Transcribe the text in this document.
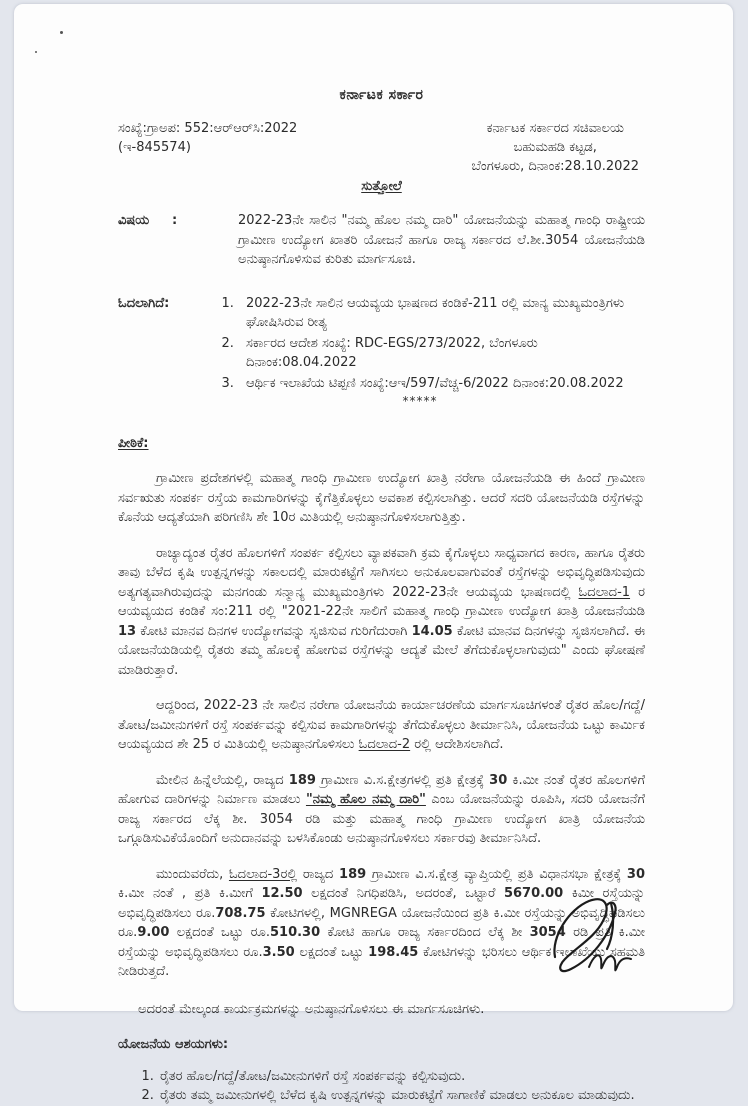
ಕರ್ನಾಟಕ ಸರ್ಕಾರ
ಸಂಖ್ಯೆ:ಗ್ರಾಅಪ: 552:ಆರ್‌ಆರ್‌ಸಿ:2022
(ಇ-845574)
ಕರ್ನಾಟಕ ಸರ್ಕಾರದ ಸಚಿವಾಲಯ
ಬಹುಮಹಡಿ ಕಟ್ಟಡ,
ಬೆಂಗಳೂರು, ದಿನಾಂಕ:28.10.2022
ಸುತ್ತೋಲೆ
ವಿಷಯ	:	2022-23ನೇ ಸಾಲಿನ "ನಮ್ಮ ಹೊಲ ನಮ್ಮ ದಾರಿ" ಯೋಜನೆಯನ್ನು ಮಹಾತ್ಮ ಗಾಂಧಿ ರಾಷ್ಟ್ರೀಯ ಗ್ರಾಮೀಣ ಉದ್ಯೋಗ ಖಾತರಿ ಯೋಜನೆ ಹಾಗೂ ರಾಜ್ಯ ಸರ್ಕಾರದ ಲೆ.ಶೀ.3054 ಯೋಜನೆಯಡಿ ಅನುಷ್ಠಾನಗೊಳಿಸುವ ಕುರಿತು ಮಾರ್ಗಸೂಚಿ.
ಓದಲಾಗಿದೆ:	1. 2022-23ನೇ ಸಾಲಿನ ಆಯವ್ಯಯ ಭಾಷಣದ ಕಂಡಿಕೆ-211 ರಲ್ಲಿ ಮಾನ್ಯ ಮುಖ್ಯಮಂತ್ರಿಗಳು ಘೋಷಿಸಿರುವ ರೀತ್ಯ
2. ಸರ್ಕಾರದ ಆದೇಶ ಸಂಖ್ಯೆ: RDC-EGS/273/2022, ಬೆಂಗಳೂರು ದಿನಾಂಕ:08.04.2022
3. ಆರ್ಥಿಕ ಇಲಾಖೆಯ ಟಿಪ್ಪಣಿ ಸಂಖ್ಯೆ:ಆಇ/597/ವೆಚ್ಚ-6/2022 ದಿನಾಂಕ:20.08.2022
*****
ಪೀಠಿಕೆ:

ಗ್ರಾಮೀಣ ಪ್ರದೇಶಗಳಲ್ಲಿ ಮಹಾತ್ಮ ಗಾಂಧಿ ಗ್ರಾಮೀಣ ಉದ್ಯೋಗ ಖಾತ್ರಿ ನರೇಗಾ ಯೋಜನೆಯಡಿ ಈ ಹಿಂದೆ ಗ್ರಾಮೀಣ ಸರ್ವಋತು ಸಂಪರ್ಕ ರಸ್ತೆಯ ಕಾಮಗಾರಿಗಳನ್ನು ಕೈಗೆತ್ತಿಕೊಳ್ಳಲು ಅವಕಾಶ ಕಲ್ಪಿಸಲಾಗಿತ್ತು. ಆದರೆ ಸದರಿ ಯೋಜನೆಯಡಿ ರಸ್ತೆಗಳನ್ನು ಕೊನೆಯ ಆದ್ಯತೆಯಾಗಿ ಪರಿಗಣಿಸಿ ಶೇ 10ರ ಮಿತಿಯಲ್ಲಿ ಅನುಷ್ಠಾನಗೊಳಿಸಲಾಗುತ್ತಿತ್ತು.

ರಾಜ್ಯಾದ್ಯಂತ ರೈತರ ಹೊಲಗಳಿಗೆ ಸಂಪರ್ಕ ಕಲ್ಪಿಸಲು ವ್ಯಾಪಕವಾಗಿ ಕ್ರಮ ಕೈಗೊಳ್ಳಲು ಸಾಧ್ಯವಾಗದ ಕಾರಣ, ಹಾಗೂ ರೈತರು ತಾವು ಬೆಳೆದ ಕೃಷಿ ಉತ್ಪನ್ನಗಳನ್ನು ಸಕಾಲದಲ್ಲಿ ಮಾರುಕಟ್ಟೆಗೆ ಸಾಗಿಸಲು ಅನುಕೂಲವಾಗುವಂತೆ ರಸ್ತೆಗಳನ್ನು ಅಭಿವೃದ್ಧಿಪಡಿಸುವುದು ಅತ್ಯಗತ್ಯವಾಗಿರುವುದನ್ನು ಮನಗಂಡು ಸನ್ಮಾನ್ಯ ಮುಖ್ಯಮಂತ್ರಿಗಳು 2022-23ನೇ ಆಯವ್ಯಯ ಭಾಷಣದಲ್ಲಿ ಓದಲಾದ-1 ರ ಆಯವ್ಯಯದ ಕಂಡಿಕೆ ಸಂ:211 ರಲ್ಲಿ "2021-22ನೇ ಸಾಲಿಗೆ ಮಹಾತ್ಮ ಗಾಂಧಿ ಗ್ರಾಮೀಣ ಉದ್ಯೋಗ ಖಾತ್ರಿ ಯೋಜನೆಯಡಿ 13 ಕೋಟಿ ಮಾನವ ದಿನಗಳ ಉದ್ಯೋಗವನ್ನು ಸೃಜಿಸುವ ಗುರಿಗೆದುರಾಗಿ 14.05 ಕೋಟಿ ಮಾನವ ದಿನಗಳನ್ನು ಸೃಜಿಸಲಾಗಿದೆ. ಈ ಯೋಜನೆಯಡಿಯಲ್ಲಿ ರೈತರು ತಮ್ಮ ಹೊಲಕ್ಕೆ ಹೋಗುವ ರಸ್ತೆಗಳನ್ನು ಆದ್ಯತೆ ಮೇಲೆ ತೆಗೆದುಕೊಳ್ಳಲಾಗುವುದು" ಎಂದು ಘೋಷಣೆ ಮಾಡಿರುತ್ತಾರೆ.

ಆದ್ದರಿಂದ, 2022-23 ನೇ ಸಾಲಿನ ನರೇಗಾ ಯೋಜನೆಯ ಕಾರ್ಯಾಚರಣೆಯ ಮಾರ್ಗಸೂಚಿಗಳಂತೆ ರೈತರ ಹೊಲ/ಗದ್ದೆ/ತೋಟ/ಜಮೀನುಗಳಿಗೆ ರಸ್ತೆ ಸಂಪರ್ಕವನ್ನು ಕಲ್ಪಿಸುವ ಕಾಮಗಾರಿಗಳನ್ನು ತೆಗೆದುಕೊಳ್ಳಲು ತೀರ್ಮಾನಿಸಿ, ಯೋಜನೆಯ ಒಟ್ಟು ಕಾರ್ಮಿಕ ಆಯವ್ಯಯದ ಶೇ 25 ರ ಮಿತಿಯಲ್ಲಿ ಅನುಷ್ಠಾನಗೊಳಿಸಲು ಓದಲಾದ-2 ರಲ್ಲಿ ಆದೇಶಿಸಲಾಗಿದೆ.

ಮೇಲಿನ ಹಿನ್ನೆಲೆಯಲ್ಲಿ, ರಾಜ್ಯದ 189 ಗ್ರಾಮೀಣ ವಿ.ಸ.ಕ್ಷೇತ್ರಗಳಲ್ಲಿ ಪ್ರತಿ ಕ್ಷೇತ್ರಕ್ಕೆ 30 ಕಿ.ಮೀ ನಂತೆ ರೈತರ ಹೊಲಗಳಿಗೆ ಹೋಗುವ ದಾರಿಗಳನ್ನು ನಿರ್ಮಾಣ ಮಾಡಲು "ನಮ್ಮ ಹೊಲ ನಮ್ಮ ದಾರಿ" ಎಂಬ ಯೋಜನೆಯನ್ನು ರೂಪಿಸಿ, ಸದರಿ ಯೋಜನೆಗೆ ರಾಜ್ಯ ಸರ್ಕಾರದ ಲೆಕ್ಕ ಶೀ. 3054 ರಡಿ ಮತ್ತು ಮಹಾತ್ಮ ಗಾಂಧಿ ಗ್ರಾಮೀಣ ಉದ್ಯೋಗ ಖಾತ್ರಿ ಯೋಜನೆಯ ಒಗ್ಗೂಡಿಸುವಿಕೆಯೊಂದಿಗೆ ಅನುದಾನವನ್ನು ಬಳಸಿಕೊಂಡು ಅನುಷ್ಠಾನಗೊಳಿಸಲು ಸರ್ಕಾರವು ತೀರ್ಮಾನಿಸಿದೆ.

ಮುಂದುವರೆದು, ಓದಲಾದ-3ರಲ್ಲಿ ರಾಜ್ಯದ 189 ಗ್ರಾಮೀಣ ವಿ.ಸ.ಕ್ಷೇತ್ರ ವ್ಯಾಪ್ತಿಯಲ್ಲಿ ಪ್ರತಿ ವಿಧಾನಸಭಾ ಕ್ಷೇತ್ರಕ್ಕೆ 30 ಕಿ.ಮೀ ನಂತೆ , ಪ್ರತಿ ಕಿ.ಮೀಗೆ 12.50 ಲಕ್ಷದಂತೆ ನಿಗಧಿಪಡಿಸಿ, ಅದರಂತೆ, ಒಟ್ಟಾರೆ 5670.00 ಕಿಮೀ ರಸ್ತೆಯನ್ನು ಅಭಿವೃದ್ಧಿಪಡಿಸಲು ರೂ.708.75 ಕೋಟಿಗಳಲ್ಲಿ, MGNREGA ಯೋಜನೆಯಿಂದ ಪ್ರತಿ ಕಿ.ಮೀ ರಸ್ತೆಯನ್ನು ಅಭಿವೃದ್ಧಿಪಡಿಸಲು ರೂ.9.00 ಲಕ್ಷದಂತೆ ಒಟ್ಟು ರೂ.510.30 ಕೋಟಿ ಹಾಗೂ ರಾಜ್ಯ ಸರ್ಕಾರದಿಂದ ಲೆಕ್ಕ ಶೀ 3054 ರಡಿ ಪ್ರತಿ ಕಿ.ಮೀ ರಸ್ತೆಯನ್ನು ಅಭಿವೃದ್ಧಿಪಡಿಸಲು ರೂ.3.50 ಲಕ್ಷದಂತೆ ಒಟ್ಟು 198.45 ಕೋಟಿಗಳನ್ನು ಭರಿಸಲು ಆರ್ಥಿಕ ಇಲಾಖೆಯು ಸಹಮತಿ ನೀಡಿರುತ್ತದೆ.

ಅದರಂತೆ ಮೇಲ್ಕಂಡ ಕಾರ್ಯಕ್ರಮಗಳನ್ನು ಅನುಷ್ಠಾನಗೊಳಿಸಲು ಈ ಮಾರ್ಗಸೂಚಿಗಳು.
ಯೋಜನೆಯ ಆಶಯಗಳು:
1. ರೈತರ ಹೊಲ/ಗದ್ದೆ/ತೋಟ/ಜಮೀನುಗಳಿಗೆ ರಸ್ತೆ ಸಂಪರ್ಕವನ್ನು ಕಲ್ಪಿಸುವುದು.
2. ರೈತರು ತಮ್ಮ ಜಮೀನುಗಳಲ್ಲಿ ಬೆಳೆದ ಕೃಷಿ ಉತ್ಪನ್ನಗಳನ್ನು ಮಾರುಕಟ್ಟೆಗೆ ಸಾಗಾಣಿಕೆ ಮಾಡಲು ಅನುಕೂಲ ಮಾಡುವುದು.
